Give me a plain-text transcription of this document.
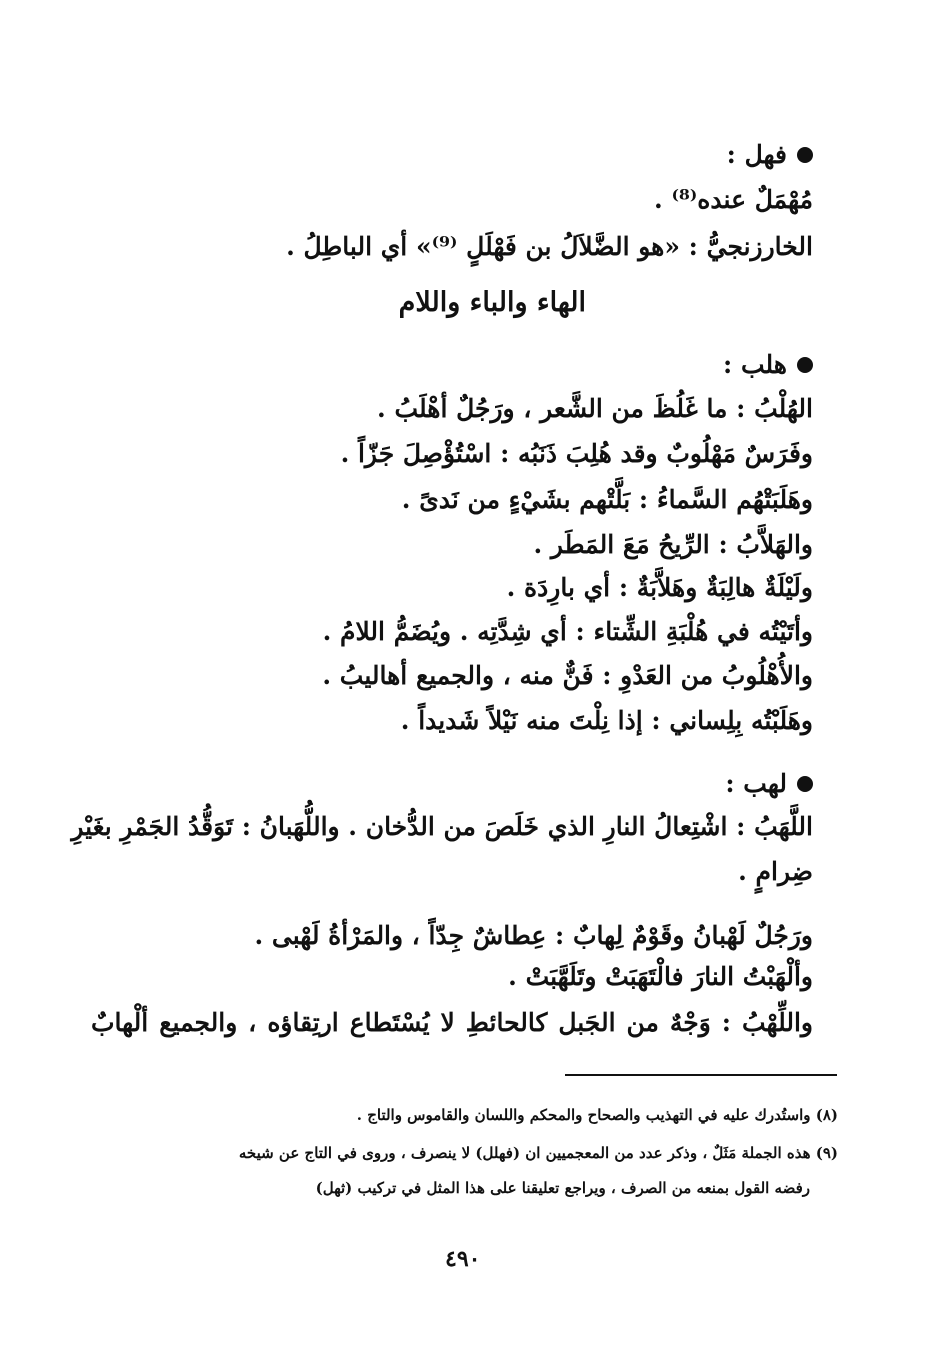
فهل :
مُهْمَلٌ عنده⁽⁸⁾ .
الخارزنجيُّ : «هو الضَّلاَلُ بن فَهْلَلٍ ⁽⁹⁾» أي الباطِلُ .
الهاء والباء واللام
هلب :
الهُلْبُ : ما غَلُظَ من الشَّعر ، ورَجُلٌ أهْلَبُ .
وفَرَسٌ مَهْلُوبٌ وقد هُلِبَ ذَنَبُه : اسْتُؤْصِلَ جَزّاً .
وهَلَبَتْهُم السَّماءُ : بَلَّتْهم بشَيْءٍ من نَدىً .
والهَلاَّبُ : الرِّيحُ مَعَ المَطَر .
ولَيْلَةٌ هالِبَةٌ وهَلاَّبَةٌ : أي بارِدَة .
وأتَيْتُه في هُلْبَةِ الشِّتاء : أي شِدَّتِه . ويُضَمُّ اللامُ .
والأُهْلُوبُ من العَدْوِ : فَنٌّ منه ، والجميع أهاليبُ .
وهَلَبْتُه بِلِساني : إذا نِلْتَ منه نَيْلاً شَديداً .
لهب :
اللَّهَبُ : اشْتِعالُ النارِ الذي خَلَصَ من الدُّخان . واللُّهَبانُ : تَوَقُّدُ الجَمْرِ بغَيْرِ
ضِرامٍ .
ورَجُلٌ لَهْبانُ وقَوْمٌ لِهابٌ : عِطاشٌ جِدّاً ، والمَرْأةُ لَهْبى .
وألْهَبْتُ النارَ فالْتَهَبَتْ وتَلَهَّبَتْ .
واللِّهْبُ : وَجْهٌ من الجَبل كالحائطِ لا يُسْتَطاع ارتِقاؤه ، والجميع ألْهابٌ
(٨) واستُدرك عليه في التهذيب والصحاح والمحكم واللسان والقاموس والتاج .
(٩) هذه الجملة مَثَلٌ ، وذكر عدد من المعجميين ان (فهلل) لا ينصرف ، وروى في التاج عن شيخه
رفضه القول بمنعه من الصرف ، ويراجع تعليقنا على هذا المثل في تركيب (ثهل)
٤٩٠
